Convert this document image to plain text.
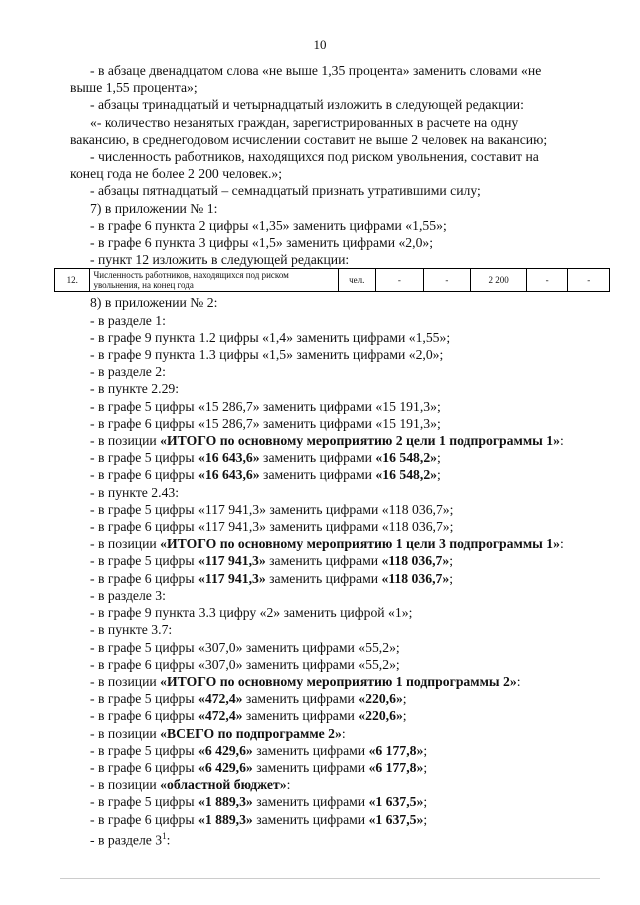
10
- в абзаце двенадцатом слова «не выше 1,35 процента» заменить словами «не
выше 1,55 процента»;
- абзацы тринадцатый и четырнадцатый изложить в следующей редакции:
«- количество незанятых граждан, зарегистрированных в расчете на одну
вакансию, в среднегодовом исчислении составит не выше 2 человек на вакансию;
- численность работников, находящихся под риском увольнения, составит на
конец года не более 2 200 человек.»;
- абзацы пятнадцатый – семнадцатый признать утратившими силу;
7) в приложении № 1:
- в графе 6 пункта 2 цифры «1,35» заменить цифрами «1,55»;
- в графе 6 пункта 3 цифры «1,5» заменить цифрами «2,0»;
- пункт 12 изложить в следующей редакции:
12.	Численность работников, находящихся под риском увольнения, на конец года	чел.	-	-	2 200	-	-
8) в приложении № 2:
- в разделе 1:
- в графе 9 пункта 1.2 цифры «1,4» заменить цифрами «1,55»;
- в графе 9 пункта 1.3 цифры «1,5» заменить цифрами «2,0»;
- в разделе 2:
- в пункте 2.29:
- в графе 5 цифры «15 286,7» заменить цифрами «15 191,3»;
- в графе 6 цифры «15 286,7» заменить цифрами «15 191,3»;
- в позиции «ИТОГО по основному мероприятию 2 цели 1 подпрограммы 1»:
- в графе 5 цифры «16 643,6» заменить цифрами «16 548,2»;
- в графе 6 цифры «16 643,6» заменить цифрами «16 548,2»;
- в пункте 2.43:
- в графе 5 цифры «117 941,3» заменить цифрами «118 036,7»;
- в графе 6 цифры «117 941,3» заменить цифрами «118 036,7»;
- в позиции «ИТОГО по основному мероприятию 1 цели 3 подпрограммы 1»:
- в графе 5 цифры «117 941,3» заменить цифрами «118 036,7»;
- в графе 6 цифры «117 941,3» заменить цифрами «118 036,7»;
- в разделе 3:
- в графе 9 пункта 3.3 цифру «2» заменить цифрой «1»;
- в пункте 3.7:
- в графе 5 цифры «307,0» заменить цифрами «55,2»;
- в графе 6 цифры «307,0» заменить цифрами «55,2»;
- в позиции «ИТОГО по основному мероприятию 1 подпрограммы 2»:
- в графе 5 цифры «472,4» заменить цифрами «220,6»;
- в графе 6 цифры «472,4» заменить цифрами «220,6»;
- в позиции «ВСЕГО по подпрограмме 2»:
- в графе 5 цифры «6 429,6» заменить цифрами «6 177,8»;
- в графе 6 цифры «6 429,6» заменить цифрами «6 177,8»;
- в позиции «областной бюджет»:
- в графе 5 цифры «1 889,3» заменить цифрами «1 637,5»;
- в графе 6 цифры «1 889,3» заменить цифрами «1 637,5»;
- в разделе $3^1$:
